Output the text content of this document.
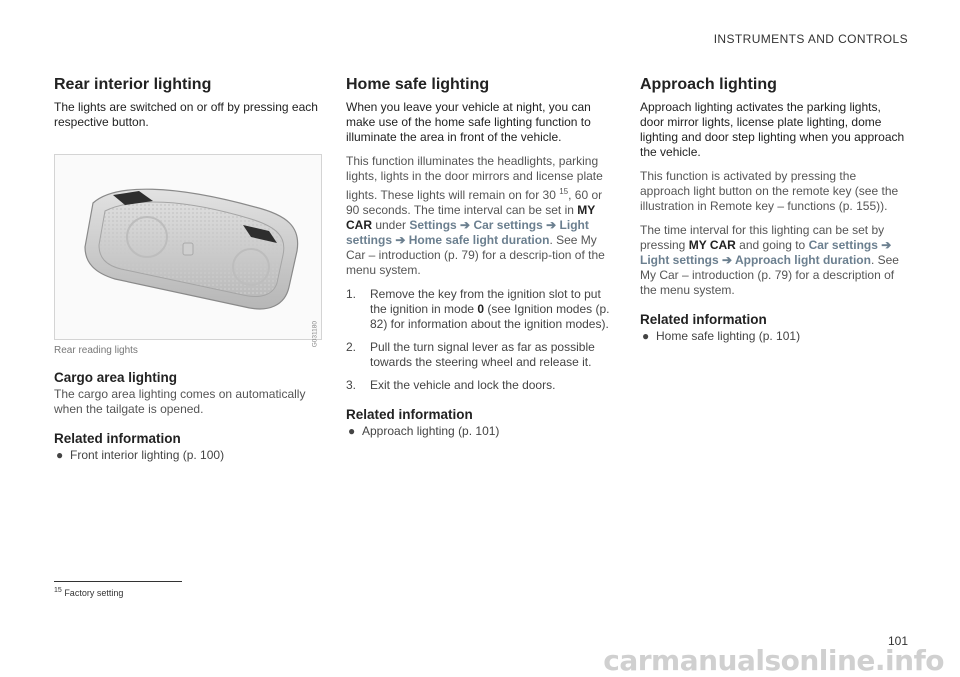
INSTRUMENTS AND CONTROLS
Rear interior lighting

The lights are switched on or off by pressing each respective button.

G031180
Rear reading lights
Cargo area lighting

The cargo area lighting comes on automatically when the tailgate is opened.

Related information
● Front interior lighting (p. 100)
Home safe lighting

When you leave your vehicle at night, you can make use of the home safe lighting function to illuminate the area in front of the vehicle.

This function illuminates the headlights, parking lights, lights in the door mirrors and license plate lights. These lights will remain on for 30 $^{15}$, 60 or 90 seconds. The time interval can be set in MY CAR under Settings ➔ Car settings ➔ Light settings ➔ Home safe light duration. See My Car – introduction (p. 79) for a descrip-tion of the menu system.

1. Remove the key from the ignition slot to put the ignition in mode 0 (see Ignition modes (p. 82) for information about the ignition modes).
2. Pull the turn signal lever as far as possible towards the steering wheel and release it.
3. Exit the vehicle and lock the doors.
Related information
● Approach lighting (p. 101)
Approach lighting

Approach lighting activates the parking lights, door mirror lights, license plate lighting, dome lighting and door step lighting when you approach the vehicle.

This function is activated by pressing the approach light button on the remote key (see the illustration in Remote key – functions (p. 155)).

The time interval for this lighting can be set by pressing MY CAR and going to Car settings ➔ Light settings ➔ Approach light duration. See My Car – introduction (p. 79) for a description of the menu system.

Related information
● Home safe lighting (p. 101)
$^{15}$ Factory setting
101
carmanualsonline.info
